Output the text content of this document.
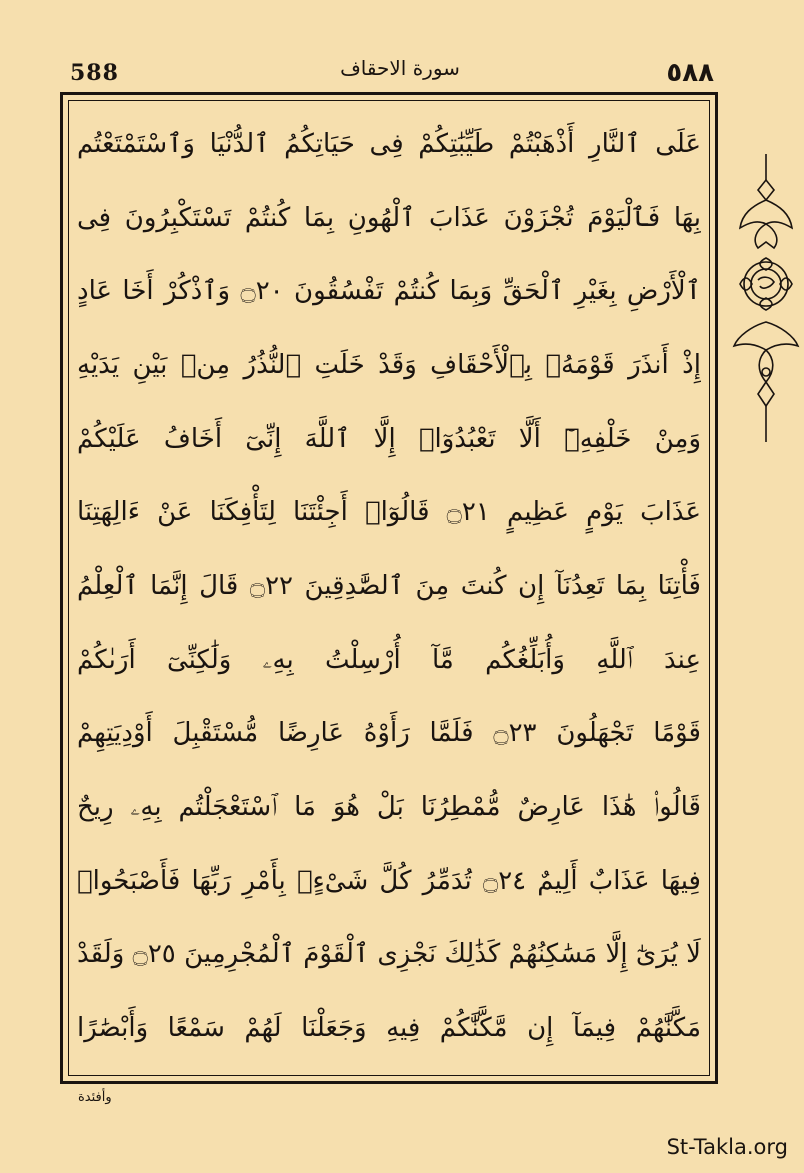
588	سورة الاحقاف	٥٨٨
عَلَى ٱلنَّارِ أَذْهَبْتُمْ طَيِّبَٰتِكُمْ فِى حَيَاتِكُمُ ٱلدُّنْيَا وَٱسْتَمْتَعْتُم
بِهَا فَٱلْيَوْمَ تُجْزَوْنَ عَذَابَ ٱلْهُونِ بِمَا كُنتُمْ تَسْتَكْبِرُونَ فِى
ٱلْأَرْضِ بِغَيْرِ ٱلْحَقِّ وَبِمَا كُنتُمْ تَفْسُقُونَ ۝٢٠ وَٱذْكُرْ أَخَا عَادٍ
إِذْ أَنذَرَ قَوْمَهُۥ بِٱلْأَحْقَافِ وَقَدْ خَلَتِ ٱلنُّذُرُ مِنۢ بَيْنِ يَدَيْهِ
وَمِنْ خَلْفِهِۦٓ أَلَّا تَعْبُدُوٓا۟ إِلَّا ٱللَّهَ إِنِّىٓ أَخَافُ عَلَيْكُمْ
عَذَابَ يَوْمٍ عَظِيمٍ ۝٢١ قَالُوٓا۟ أَجِئْتَنَا لِتَأْفِكَنَا عَنْ ءَالِهَتِنَا
فَأْتِنَا بِمَا تَعِدُنَآ إِن كُنتَ مِنَ ٱلصَّٰدِقِينَ ۝٢٢ قَالَ إِنَّمَا ٱلْعِلْمُ
عِندَ ٱللَّهِ وَأُبَلِّغُكُم مَّآ أُرْسِلْتُ بِهِۦ وَلَٰكِنِّىٓ أَرَىٰكُمْ
قَوْمًا تَجْهَلُونَ ۝٢٣ فَلَمَّا رَأَوْهُ عَارِضًا مُّسْتَقْبِلَ أَوْدِيَتِهِمْ
قَالُوا۟ هَٰذَا عَارِضٌ مُّمْطِرُنَا بَلْ هُوَ مَا ٱسْتَعْجَلْتُم بِهِۦ رِيحٌ
فِيهَا عَذَابٌ أَلِيمٌ ۝٢٤ تُدَمِّرُ كُلَّ شَىْءٍۭ بِأَمْرِ رَبِّهَا فَأَصْبَحُوا۟
لَا يُرَىٰٓ إِلَّا مَسَٰكِنُهُمْ كَذَٰلِكَ نَجْزِى ٱلْقَوْمَ ٱلْمُجْرِمِينَ ۝٢٥ وَلَقَدْ
مَكَّنَّٰهُمْ فِيمَآ إِن مَّكَّنَّٰكُمْ فِيهِ وَجَعَلْنَا لَهُمْ سَمْعًا وَأَبْصَٰرًا
وأفئدة
St-Takla.org
